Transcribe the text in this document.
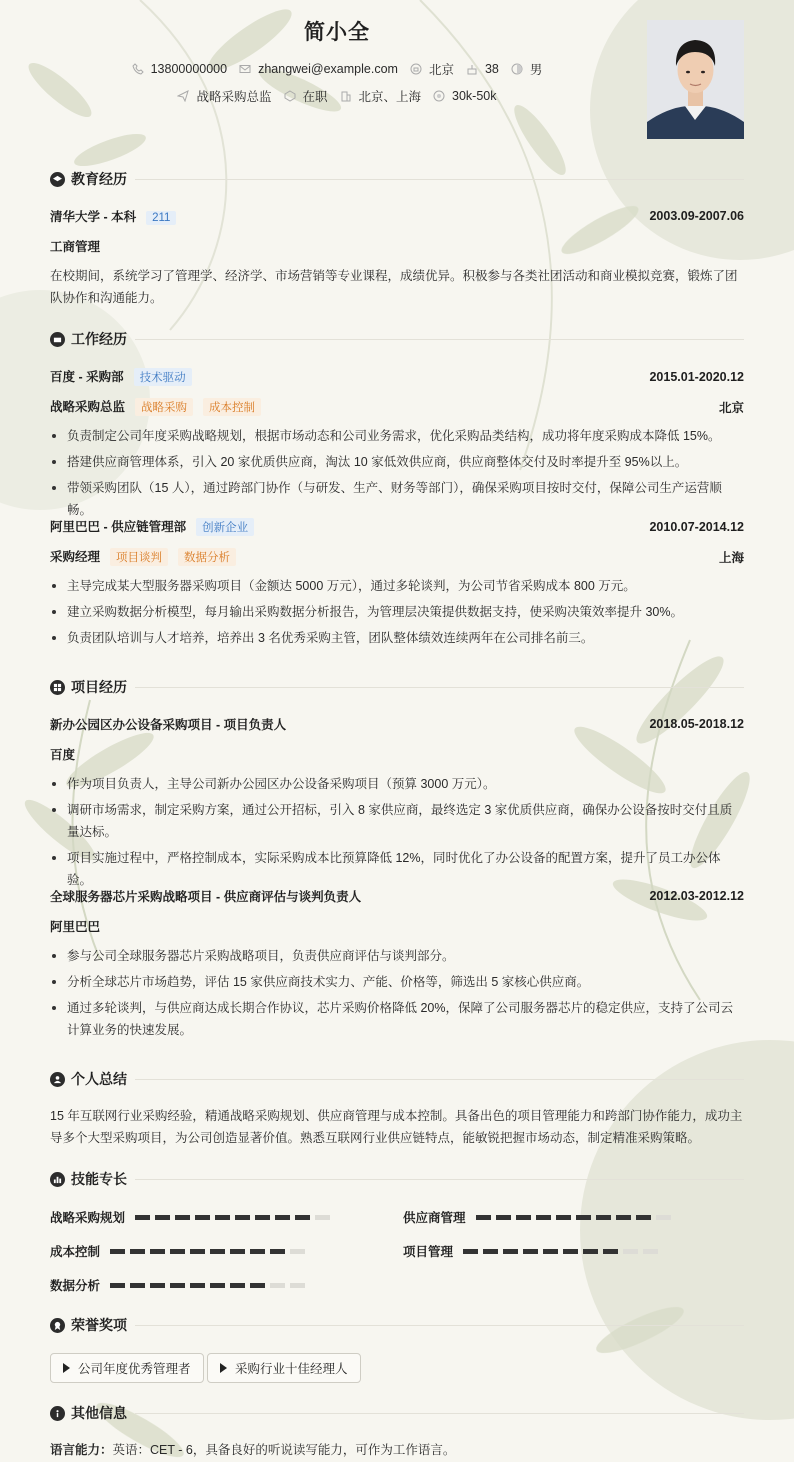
简小全
13800000000 zhangwei@example.com 北京 38 男
战略采购总监 在职 北京、上海 30k-50k
教育经历
清华大学 - 本科 211	2003.09-2007.06
工商管理
在校期间，系统学习了管理学、经济学、市场营销等专业课程，成绩优异。积极参与各类社团活动和商业模拟竞赛，锻炼了团队协作和沟通能力。
工作经历
百度 - 采购部 技术驱动	2015.01-2020.12
战略采购总监 战略采购 成本控制	北京
负责制定公司年度采购战略规划，根据市场动态和公司业务需求，优化采购品类结构，成功将年度采购成本降低 15%。
搭建供应商管理体系，引入 20 家优质供应商，淘汰 10 家低效供应商，供应商整体交付及时率提升至 95%以上。
带领采购团队（15 人），通过跨部门协作（与研发、生产、财务等部门），确保采购项目按时交付，保障公司生产运营顺畅。
阿里巴巴 - 供应链管理部 创新企业	2010.07-2014.12
采购经理 项目谈判 数据分析	上海
主导完成某大型服务器采购项目（金额达 5000 万元），通过多轮谈判，为公司节省采购成本 800 万元。
建立采购数据分析模型，每月输出采购数据分析报告，为管理层决策提供数据支持，使采购决策效率提升 30%。
负责团队培训与人才培养，培养出 3 名优秀采购主管，团队整体绩效连续两年在公司排名前三。
项目经历
新办公园区办公设备采购项目 - 项目负责人	2018.05-2018.12
百度
作为项目负责人，主导公司新办公园区办公设备采购项目（预算 3000 万元）。
调研市场需求，制定采购方案，通过公开招标，引入 8 家供应商，最终选定 3 家优质供应商，确保办公设备按时交付且质量达标。
项目实施过程中，严格控制成本，实际采购成本比预算降低 12%，同时优化了办公设备的配置方案，提升了员工办公体验。
全球服务器芯片采购战略项目 - 供应商评估与谈判负责人	2012.03-2012.12
阿里巴巴
参与公司全球服务器芯片采购战略项目，负责供应商评估与谈判部分。
分析全球芯片市场趋势，评估 15 家供应商技术实力、产能、价格等，筛选出 5 家核心供应商。
通过多轮谈判，与供应商达成长期合作协议，芯片采购价格降低 20%，保障了公司服务器芯片的稳定供应，支持了公司云计算业务的快速发展。
个人总结
15 年互联网行业采购经验，精通战略采购规划、供应商管理与成本控制。具备出色的项目管理能力和跨部门协作能力，成功主导多个大型采购项目，为公司创造显著价值。熟悉互联网行业供应链特点，能敏锐把握市场动态，制定精准采购策略。
技能专长
战略采购规划	供应商管理
成本控制	项目管理
数据分析
荣誉奖项
公司年度优秀管理者	采购行业十佳经理人
其他信息
语言能力：英语：CET - 6，具备良好的听说读写能力，可作为工作语言。
